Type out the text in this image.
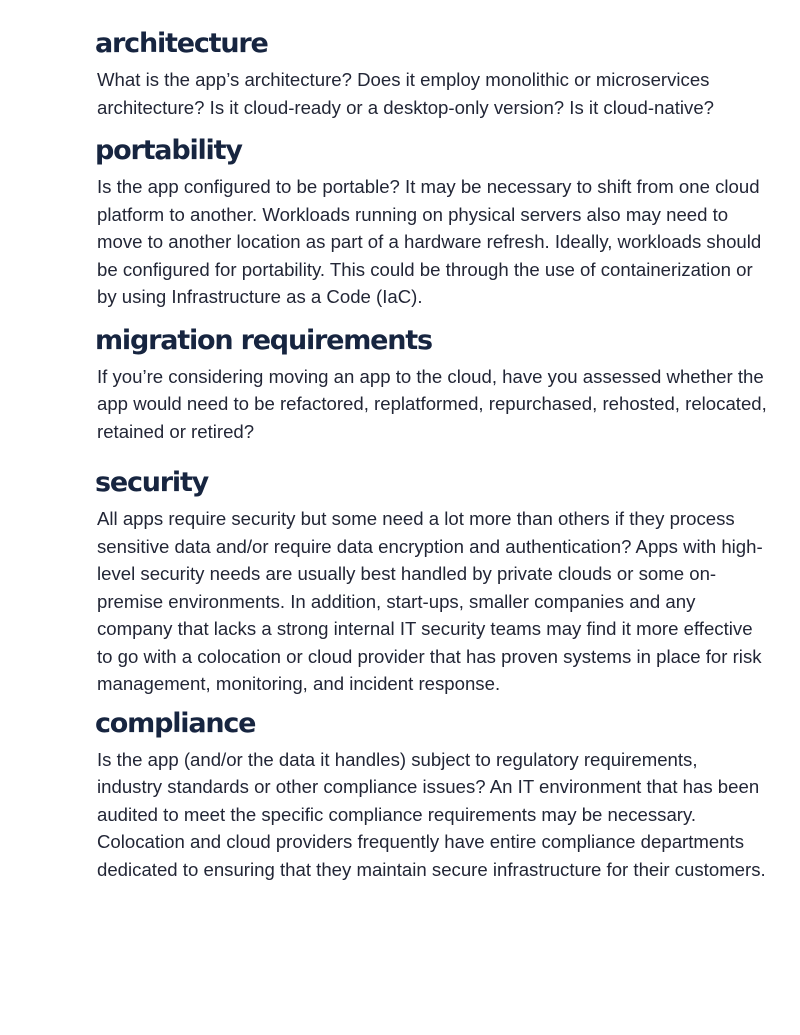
architecture

What is the app’s architecture? Does it employ monolithic or microservices architecture? Is it cloud-ready or a desktop-only version? Is it cloud-native?

portability

Is the app configured to be portable? It may be necessary to shift from one cloud platform to another. Workloads running on physical servers also may need to move to another location as part of a hardware refresh. Ideally, workloads should be configured for portability. This could be through the use of containerization or by using Infrastructure as a Code (IaC).

migration requirements

If you’re considering moving an app to the cloud, have you assessed whether the app would need to be refactored, replatformed, repurchased, rehosted, relocated, retained or retired?

security

All apps require security but some need a lot more than others if they process sensitive data and/or require data encryption and authentication? Apps with high-level security needs are usually best handled by private clouds or some on-premise environments. In addition, start-ups, smaller companies and any company that lacks a strong internal IT security teams may find it more effective to go with a colocation or cloud provider that has proven systems in place for risk management, monitoring, and incident response.

compliance

Is the app (and/or the data it handles) subject to regulatory requirements, industry standards or other compliance issues? An IT environment that has been audited to meet the specific compliance requirements may be necessary. Colocation and cloud providers frequently have entire compliance departments dedicated to ensuring that they maintain secure infrastructure for their customers.
